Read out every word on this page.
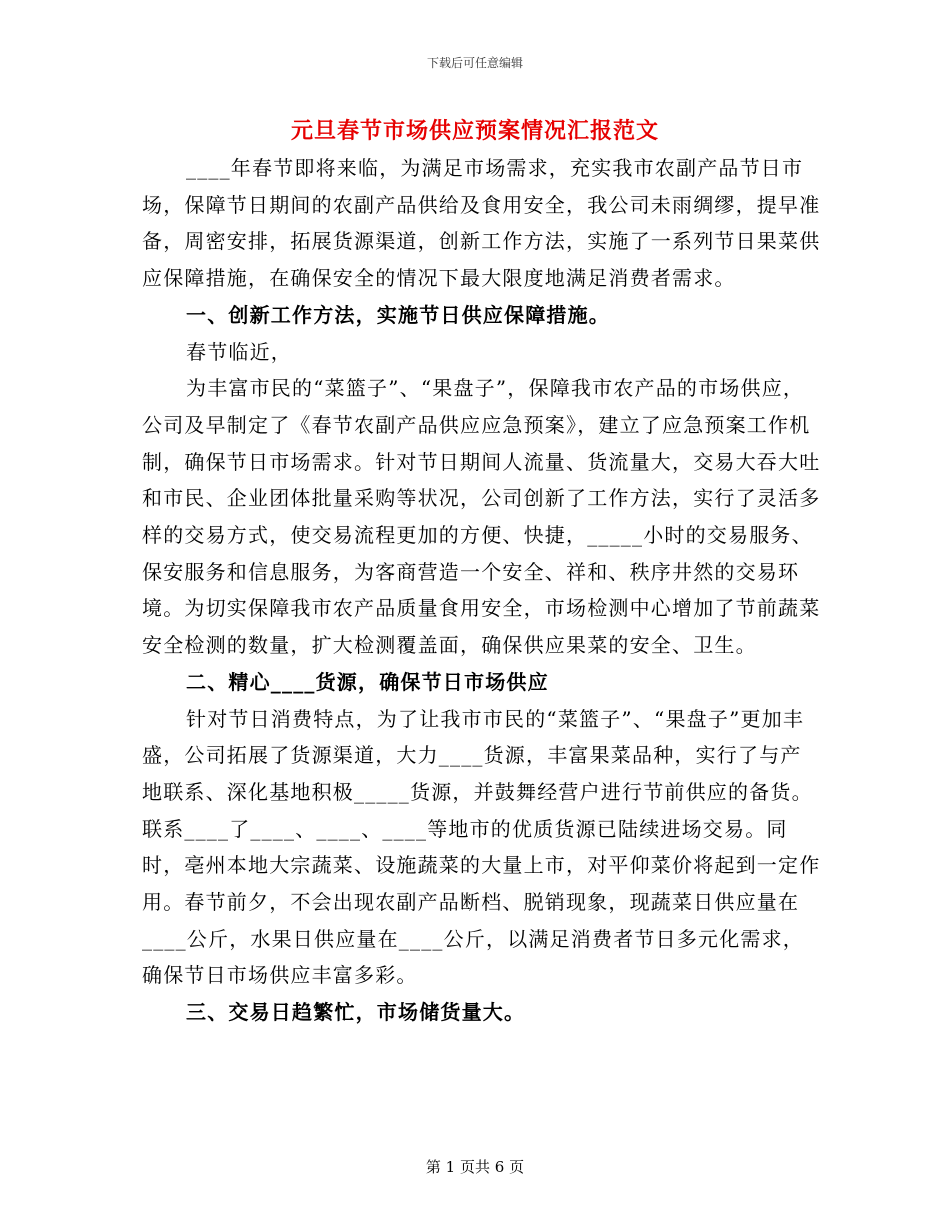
下载后可任意编辑
元旦春节市场供应预案情况汇报范文

____年春节即将来临，为满足市场需求，充实我市农副产品节日市场，保障节日期间的农副产品供给及食用安全，我公司未雨绸缪，提早准备，周密安排，拓展货源渠道，创新工作方法，实施了一系列节日果菜供应保障措施，在确保安全的情况下最大限度地满足消费者需求。

一、创新工作方法，实施节日供应保障措施。

春节临近，

为丰富市民的“菜篮子”、“果盘子”，保障我市农产品的市场供应，公司及早制定了《春节农副产品供应应急预案》，建立了应急预案工作机制，确保节日市场需求。针对节日期间人流量、货流量大，交易大吞大吐和市民、企业团体批量采购等状况，公司创新了工作方法，实行了灵活多样的交易方式，使交易流程更加的方便、快捷，_____小时的交易服务、保安服务和信息服务，为客商营造一个安全、祥和、秩序井然的交易环境。为切实保障我市农产品质量食用安全，市场检测中心增加了节前蔬菜安全检测的数量，扩大检测覆盖面，确保供应果菜的安全、卫生。

二、精心____货源，确保节日市场供应

针对节日消费特点，为了让我市市民的“菜篮子”、“果盘子”更加丰盛，公司拓展了货源渠道，大力____货源，丰富果菜品种，实行了与产地联系、深化基地积极_____货源，并鼓舞经营户进行节前供应的备货。联系____了____、____、____等地市的优质货源已陆续进场交易。同时，亳州本地大宗蔬菜、设施蔬菜的大量上市，对平仰菜价将起到一定作用。春节前夕，不会出现农副产品断档、脱销现象，现蔬菜日供应量在____公斤，水果日供应量在____公斤，以满足消费者节日多元化需求，确保节日市场供应丰富多彩。

三、交易日趋繁忙，市场储货量大。

第 1 页共 6 页
